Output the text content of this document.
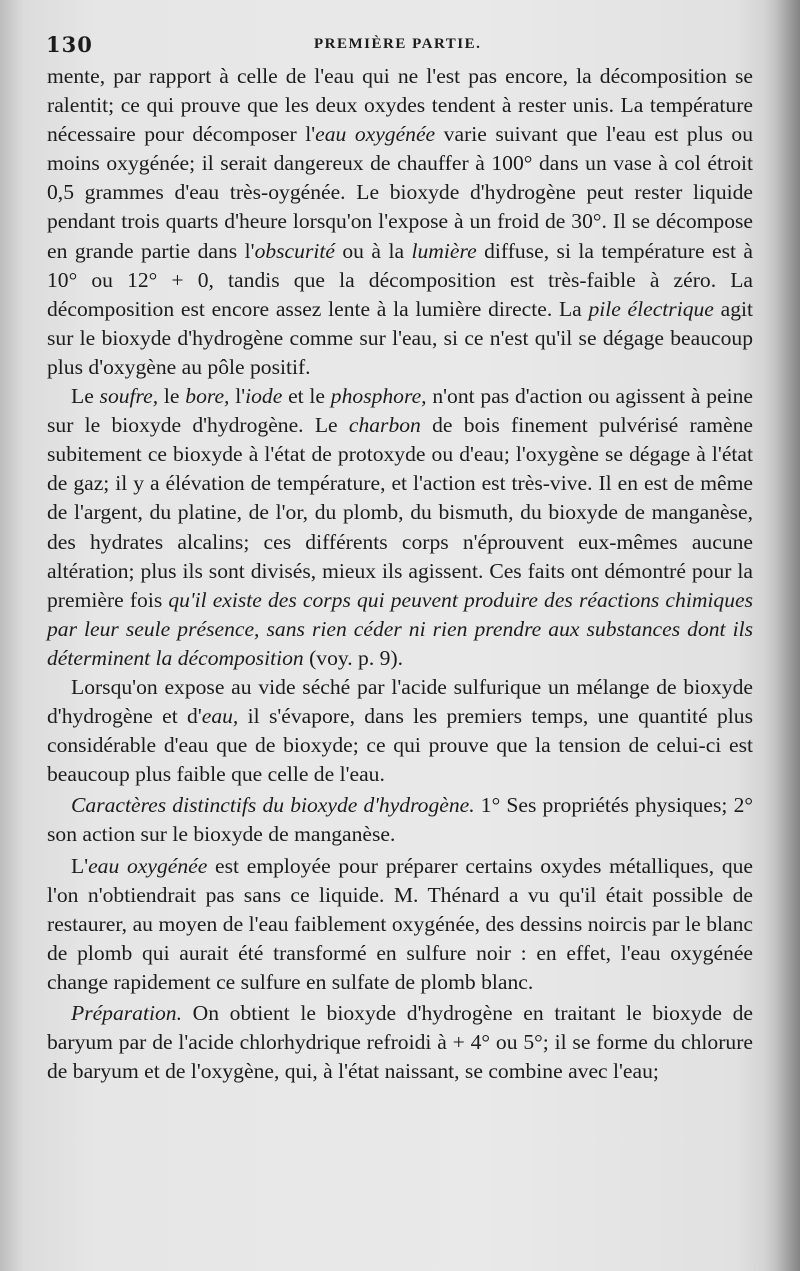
130	PREMIÈRE PARTIE.

mente, par rapport à celle de l'eau qui ne l'est pas encore, la décomposition se ralentit; ce qui prouve que les deux oxydes tendent à rester unis. La température nécessaire pour décomposer l'eau oxygénée varie suivant que l'eau est plus ou moins oxygénée; il serait dangereux de chauffer à 100° dans un vase à col étroit 0,5 grammes d'eau très-oygénée. Le bioxyde d'hydrogène peut rester liquide pendant trois quarts d'heure lorsqu'on l'expose à un froid de 30°. Il se décompose en grande partie dans l'obscurité ou à la lumière diffuse, si la température est à 10° ou 12° + 0, tandis que la décomposition est très-faible à zéro. La décomposition est encore assez lente à la lumière directe. La pile électrique agit sur le bioxyde d'hydrogène comme sur l'eau, si ce n'est qu'il se dégage beaucoup plus d'oxygène au pôle positif.

Le soufre, le bore, l'iode et le phosphore, n'ont pas d'action ou agissent à peine sur le bioxyde d'hydrogène. Le charbon de bois finement pulvérisé ramène subitement ce bioxyde à l'état de protoxyde ou d'eau; l'oxygène se dégage à l'état de gaz; il y a élévation de température, et l'action est très-vive. Il en est de même de l'argent, du platine, de l'or, du plomb, du bismuth, du bioxyde de manganèse, des hydrates alcalins; ces différents corps n'éprouvent eux-mêmes aucune altération; plus ils sont divisés, mieux ils agissent. Ces faits ont démontré pour la première fois qu'il existe des corps qui peuvent produire des réactions chimiques par leur seule présence, sans rien céder ni rien prendre aux substances dont ils déterminent la décomposition (voy. p. 9).

Lorsqu'on expose au vide séché par l'acide sulfurique un mélange de bioxyde d'hydrogène et d'eau, il s'évapore, dans les premiers temps, une quantité plus considérable d'eau que de bioxyde; ce qui prouve que la tension de celui-ci est beaucoup plus faible que celle de l'eau.

Caractères distinctifs du bioxyde d'hydrogène. 1° Ses propriétés physiques; 2° son action sur le bioxyde de manganèse.

L'eau oxygénée est employée pour préparer certains oxydes métalliques, que l'on n'obtiendrait pas sans ce liquide. M. Thénard a vu qu'il était possible de restaurer, au moyen de l'eau faiblement oxygénée, des dessins noircis par le blanc de plomb qui aurait été transformé en sulfure noir : en effet, l'eau oxygénée change rapidement ce sulfure en sulfate de plomb blanc.

Préparation. On obtient le bioxyde d'hydrogène en traitant le bioxyde de baryum par de l'acide chlorhydrique refroidi à + 4° ou 5°; il se forme du chlorure de baryum et de l'oxygène, qui, à l'état naissant, se combine avec l'eau;
